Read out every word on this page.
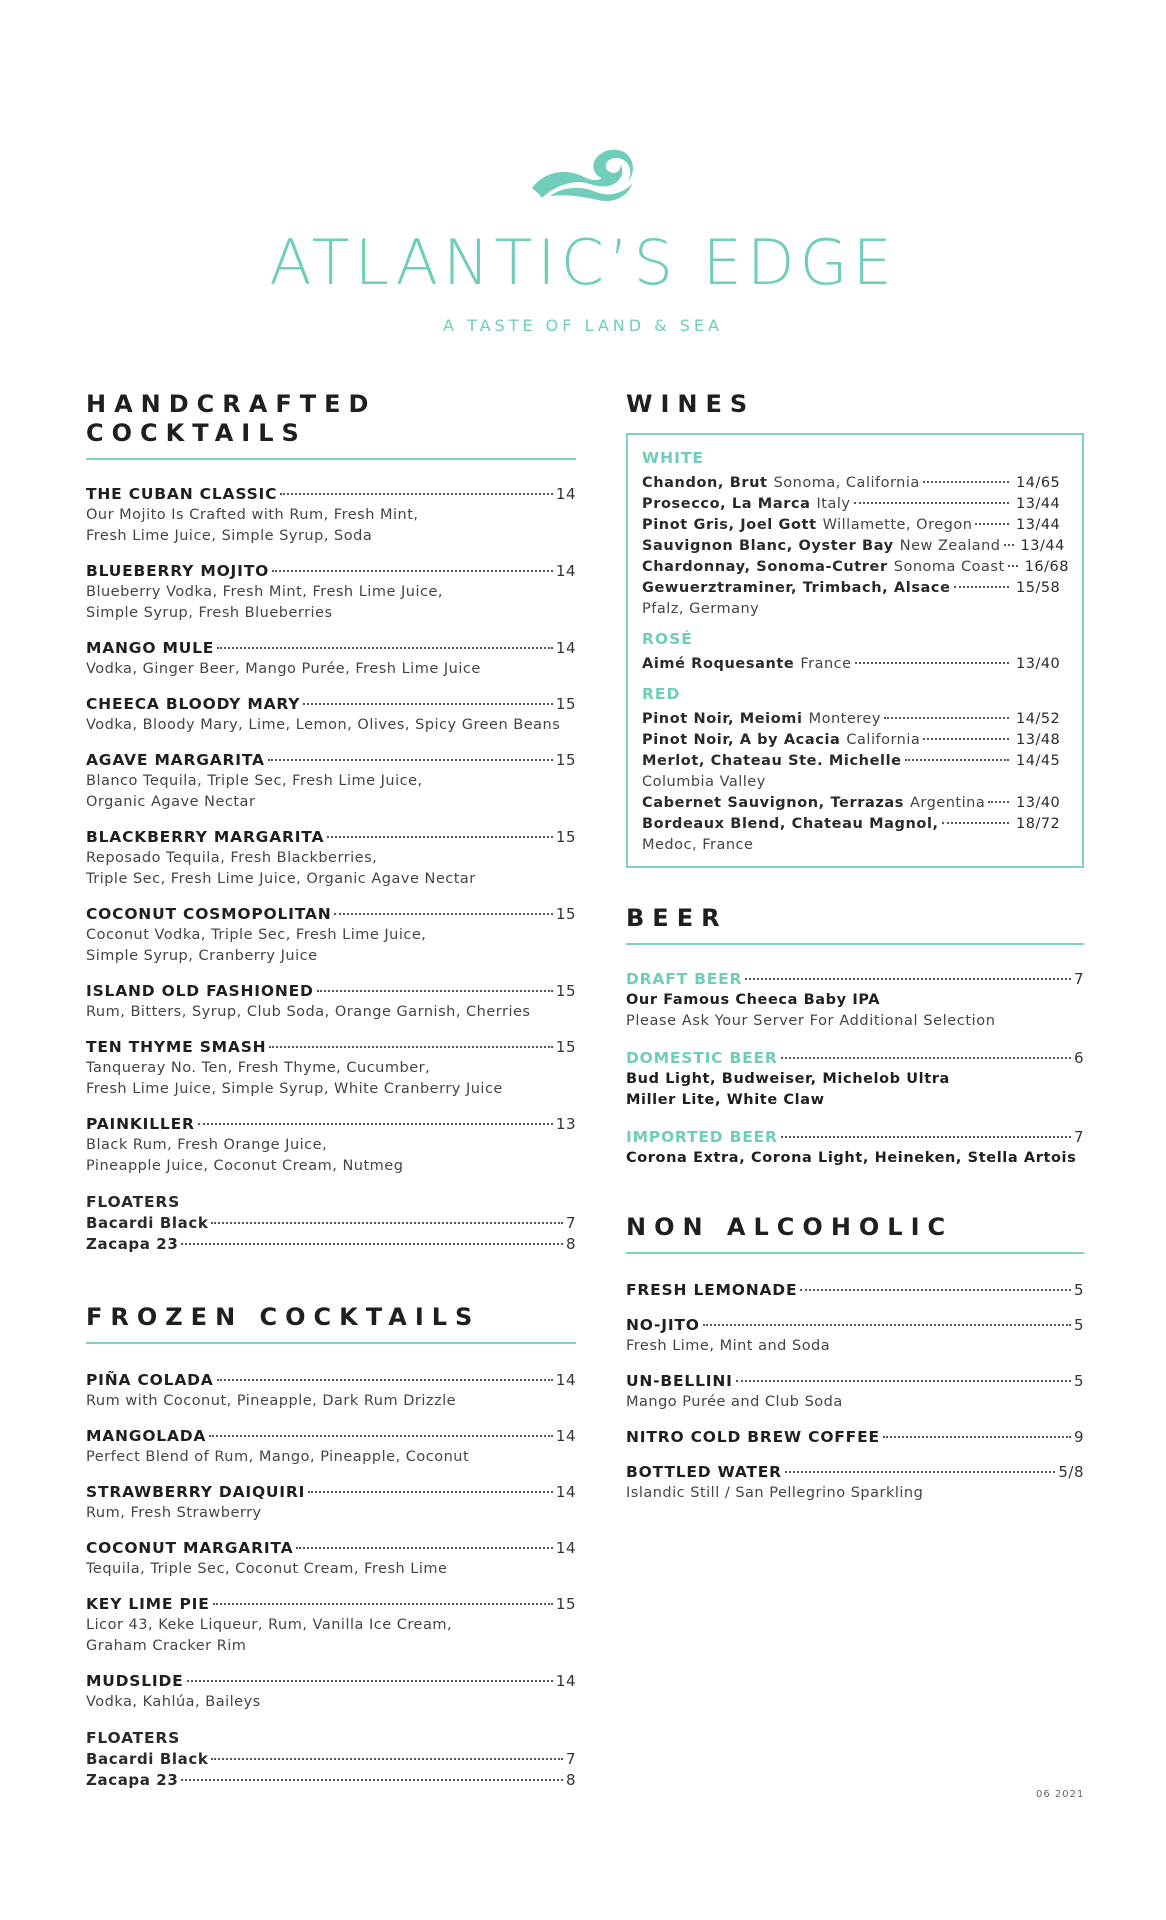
ATLANTIC’S EDGE
A TASTE OF LAND & SEA
HANDCRAFTED
COCKTAILS
THE CUBAN CLASSIC	14
Our Mojito Is Crafted with Rum, Fresh Mint,
Fresh Lime Juice, Simple Syrup, Soda
BLUEBERRY MOJITO	14
Blueberry Vodka, Fresh Mint, Fresh Lime Juice,
Simple Syrup, Fresh Blueberries
MANGO MULE	14
Vodka, Ginger Beer, Mango Purée, Fresh Lime Juice
CHEECA BLOODY MARY	15
Vodka, Bloody Mary, Lime, Lemon, Olives, Spicy Green Beans
AGAVE MARGARITA	15
Blanco Tequila, Triple Sec, Fresh Lime Juice,
Organic Agave Nectar
BLACKBERRY MARGARITA	15
Reposado Tequila, Fresh Blackberries,
Triple Sec, Fresh Lime Juice, Organic Agave Nectar
COCONUT COSMOPOLITAN	15
Coconut Vodka, Triple Sec, Fresh Lime Juice,
Simple Syrup, Cranberry Juice
ISLAND OLD FASHIONED	15
Rum, Bitters, Syrup, Club Soda, Orange Garnish, Cherries
TEN THYME SMASH	15
Tanqueray No. Ten, Fresh Thyme, Cucumber,
Fresh Lime Juice, Simple Syrup, White Cranberry Juice
PAINKILLER	13
Black Rum, Fresh Orange Juice,
Pineapple Juice, Coconut Cream, Nutmeg
FLOATERS
Bacardi Black	7
Zacapa 23	8
FROZEN COCKTAILS
PIÑA COLADA	14
Rum with Coconut, Pineapple, Dark Rum Drizzle
MANGOLADA	14
Perfect Blend of Rum, Mango, Pineapple, Coconut
STRAWBERRY DAIQUIRI	14
Rum, Fresh Strawberry
COCONUT MARGARITA	14
Tequila, Triple Sec, Coconut Cream, Fresh Lime
KEY LIME PIE	15
Licor 43, Keke Liqueur, Rum, Vanilla Ice Cream,
Graham Cracker Rim
MUDSLIDE	14
Vodka, Kahlúa, Baileys
FLOATERS
Bacardi Black	7
Zacapa 23	8
WINES
WHITE
Chandon, Brut Sonoma, California	14/65
Prosecco, La Marca Italy	13/44
Pinot Gris, Joel Gott Willamette, Oregon	13/44
Sauvignon Blanc, Oyster Bay New Zealand 13/44
Chardonnay, Sonoma-Cutrer Sonoma Coast 16/68
Gewuerztraminer, Trimbach, Alsace	15/58
Pfalz, Germany
ROSÉ
Aimé Roquesante France	13/40
RED
Pinot Noir, Meiomi Monterey	14/52
Pinot Noir, A by Acacia California	13/48
Merlot, Chateau Ste. Michelle	14/45
Columbia Valley
Cabernet Sauvignon, Terrazas Argentina 13/40
Bordeaux Blend, Chateau Magnol,	18/72
Medoc, France
BEER
DRAFT BEER	7
Our Famous Cheeca Baby IPA
Please Ask Your Server For Additional Selection
DOMESTIC BEER	6
Bud Light, Budweiser, Michelob Ultra
Miller Lite, White Claw
IMPORTED BEER	7
Corona Extra, Corona Light, Heineken, Stella Artois
NON ALCOHOLIC
FRESH LEMONADE	5
NO-JITO	5
Fresh Lime, Mint and Soda
UN-BELLINI	5
Mango Purée and Club Soda
NITRO COLD BREW COFFEE	9
BOTTLED WATER	5/8
Islandic Still / San Pellegrino Sparkling
06 2021
